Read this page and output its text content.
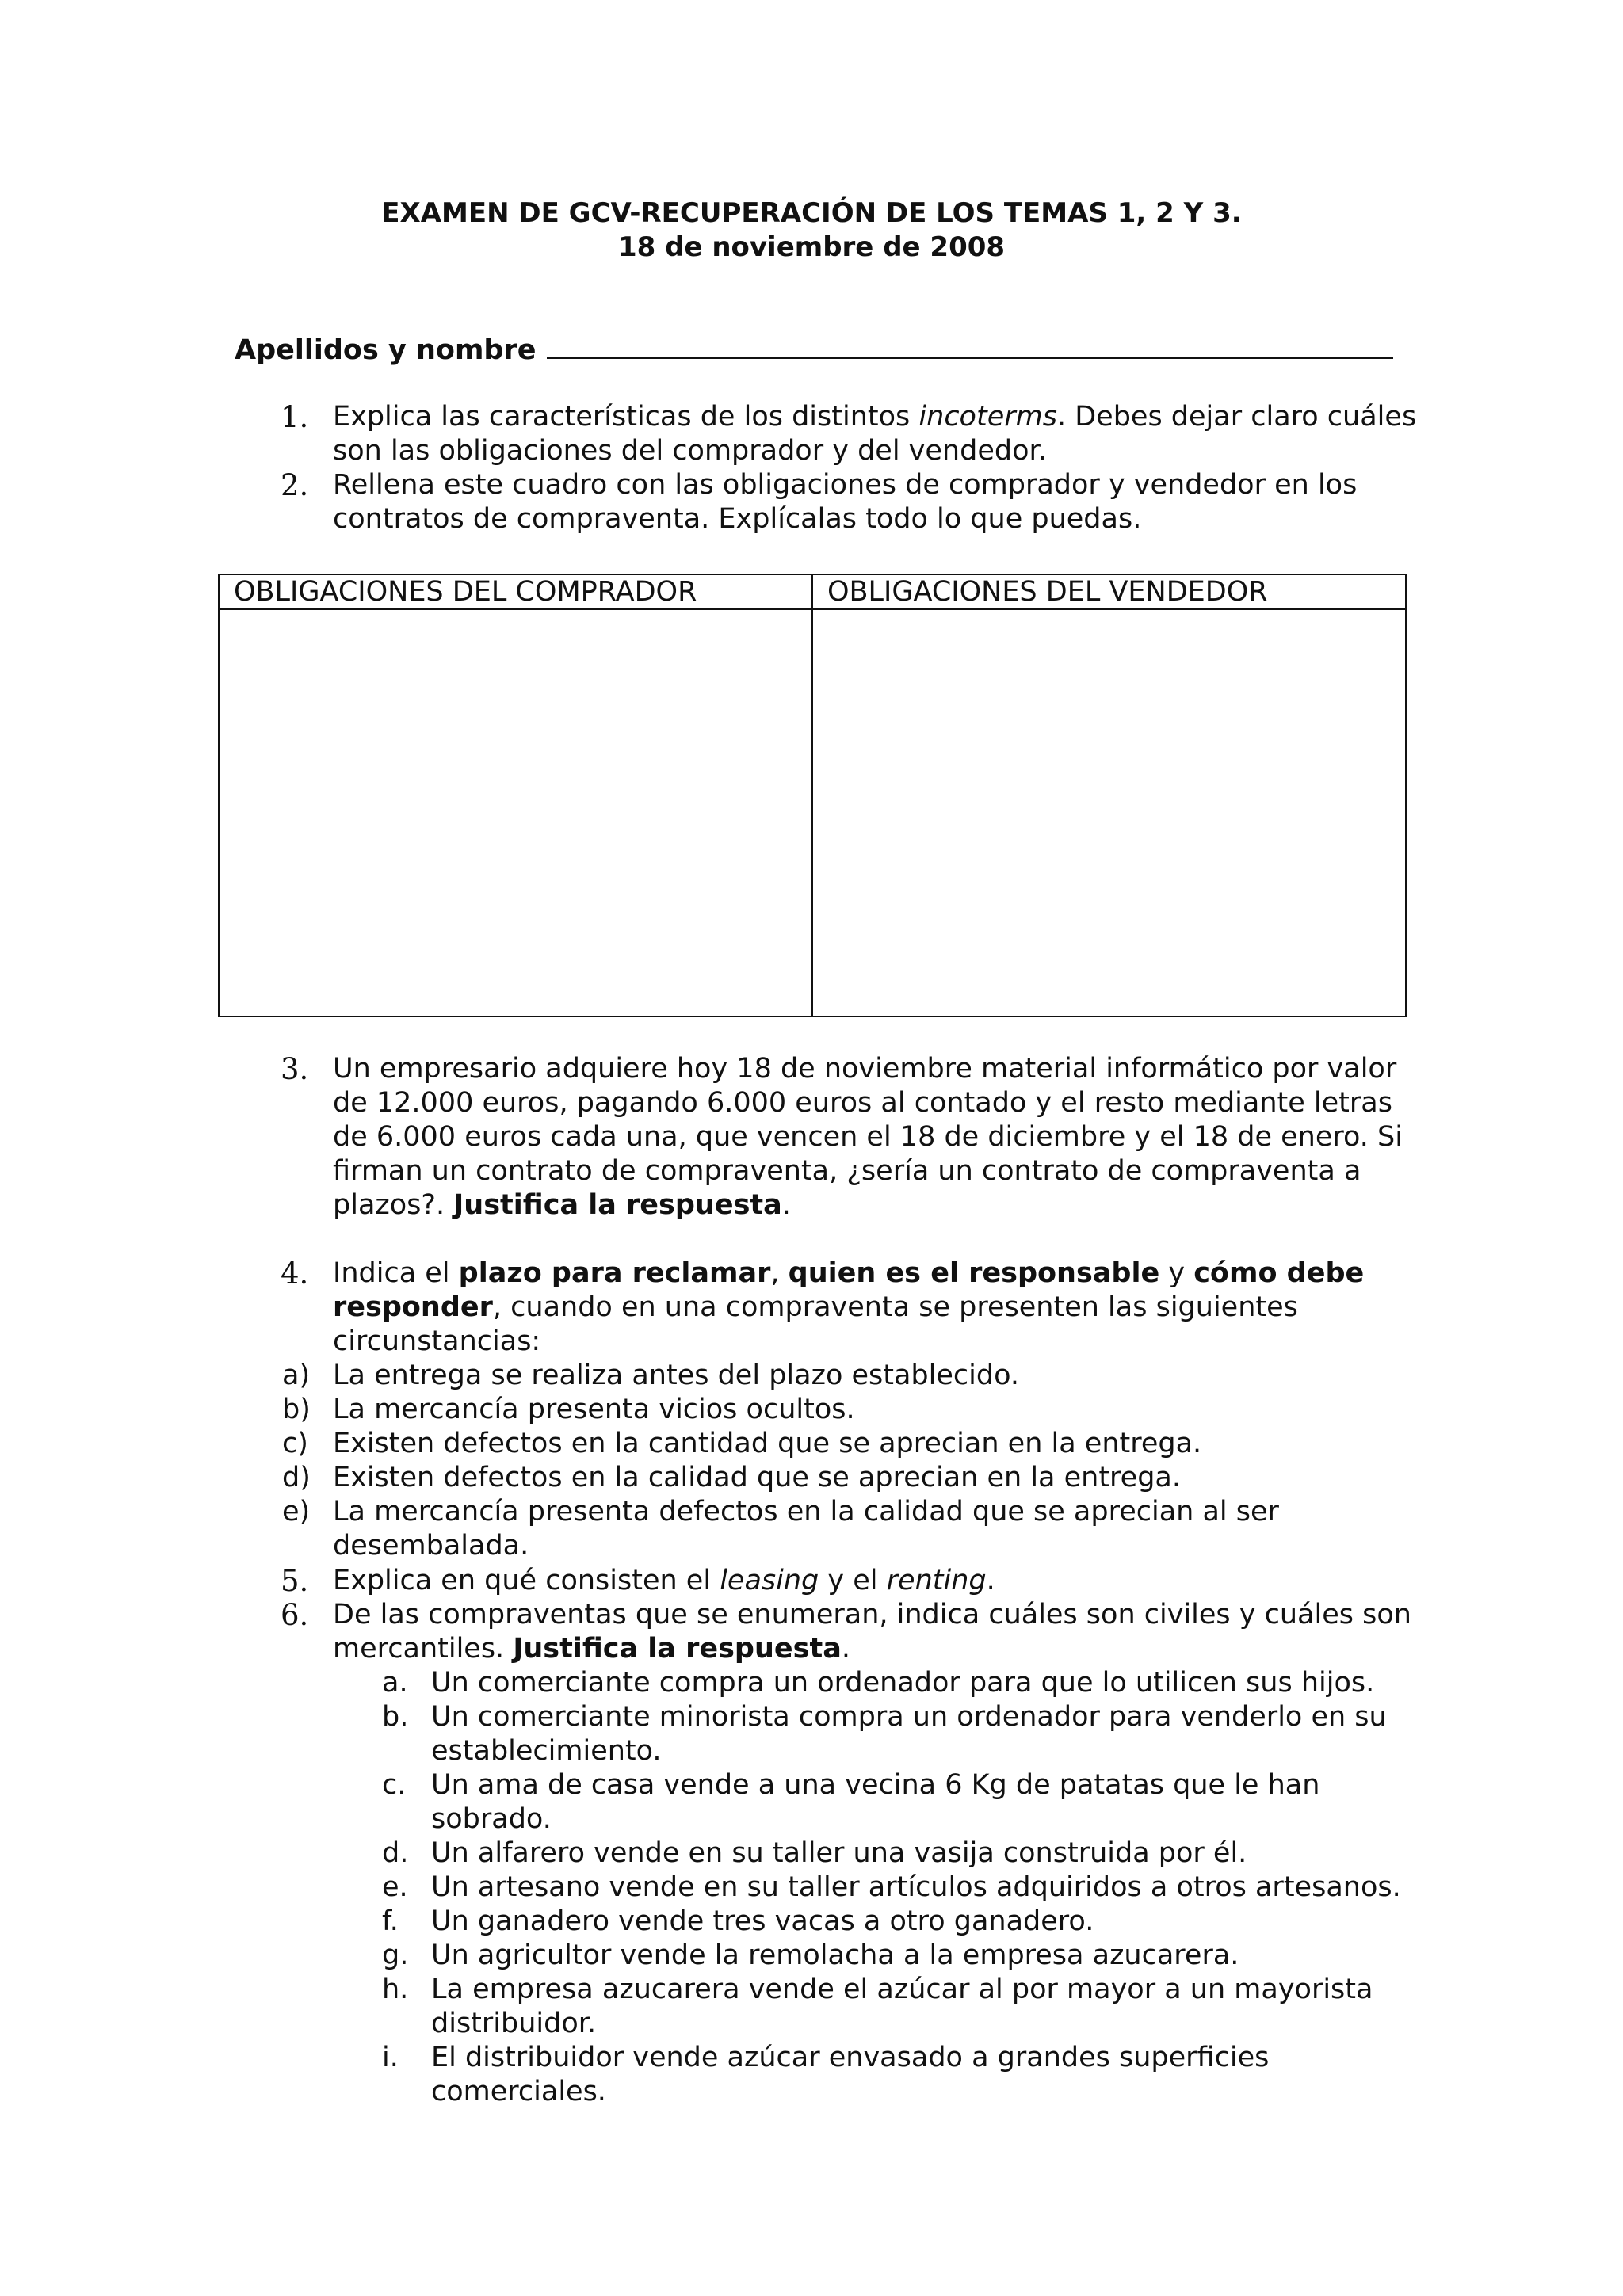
EXAMEN DE GCV-RECUPERACIÓN DE LOS TEMAS 1, 2 Y 3.
18 de noviembre de 2008
Apellidos y nombre
1. Explica las características de los distintos incoterms. Debes dejar claro cuáles son las obligaciones del comprador y del vendedor.
2. Rellena este cuadro con las obligaciones de comprador y vendedor en los contratos de compraventa. Explícalas todo lo que puedas.
OBLIGACIONES DEL COMPRADOR	OBLIGACIONES DEL VENDEDOR

3. Un empresario adquiere hoy 18 de noviembre material informático por valor de 12.000 euros, pagando 6.000 euros al contado y el resto mediante letras de 6.000 euros cada una, que vencen el 18 de diciembre y el 18 de enero. Si firman un contrato de compraventa, ¿sería un contrato de compraventa a plazos?. Justifica la respuesta.
4. Indica el plazo para reclamar, quien es el responsable y cómo debe responder, cuando en una compraventa se presenten las siguientes circunstancias:
a) La entrega se realiza antes del plazo establecido.
b) La mercancía presenta vicios ocultos.
c) Existen defectos en la cantidad que se aprecian en la entrega.
d) Existen defectos en la calidad que se aprecian en la entrega.
e) La mercancía presenta defectos en la calidad que se aprecian al ser desembalada.
5. Explica en qué consisten el leasing y el renting.
6. De las compraventas que se enumeran, indica cuáles son civiles y cuáles son mercantiles. Justifica la respuesta.
a. Un comerciante compra un ordenador para que lo utilicen sus hijos.
b. Un comerciante minorista compra un ordenador para venderlo en su establecimiento.
c. Un ama de casa vende a una vecina 6 Kg de patatas que le han sobrado.
d. Un alfarero vende en su taller una vasija construida por él.
e. Un artesano vende en su taller artículos adquiridos a otros artesanos.
f. Un ganadero vende tres vacas a otro ganadero.
g. Un agricultor vende la remolacha a la empresa azucarera.
h. La empresa azucarera vende el azúcar al por mayor a un mayorista distribuidor.
i. El distribuidor vende azúcar envasado a grandes superficies comerciales.
